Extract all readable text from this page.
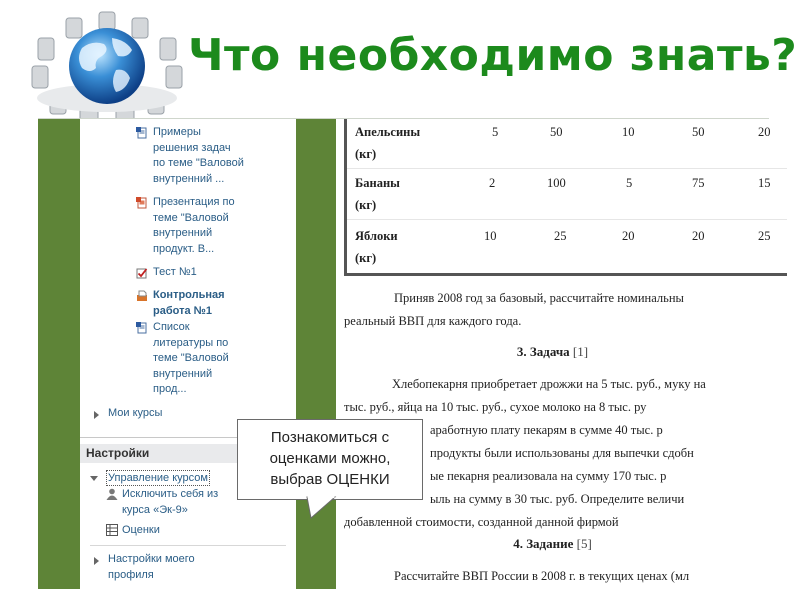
Что необходимо знать?
Примеры
решения задач
по теме "Валовой
внутренний ...
Презентация по
теме "Валовой
внутренний
продукт. В...
Тест №1
Контрольная
работа №1
Список
литературы по
теме "Валовой
внутренний
прод...
Мои курсы
Настройки
Управление курсом
Исключить себя из
курса «Эк-9»
Оценки
Настройки моего
профиля
Апельсины
(кг)
5	50	10	50	20
Бананы
(кг)
2	100	5	75	15
Яблоки
(кг)
10	25	20	20	25
Приняв 2008 год за базовый, рассчитайте номинальны
реальный ВВП для каждого года.
3. Задача [1]
Хлебопекарня приобретает дрожжи на 5 тыс. руб., муку на
тыс. руб., яйца на 10 тыс. руб., сухое молоко на 8 тыс. ру
аработную плату пекарям в сумме 40 тыс. р
продукты были использованы для выпечки сдобн
ые пекарня реализовала на сумму 170 тыс. р
ыль на сумму в 30 тыс. руб. Определите величи
добавленной стоимости, созданной данной фирмой
4. Задание [5]
Рассчитайте ВВП России в 2008 г. в текущих ценах (мл
Познакомиться с
оценками можно,
выбрав ОЦЕНКИ
